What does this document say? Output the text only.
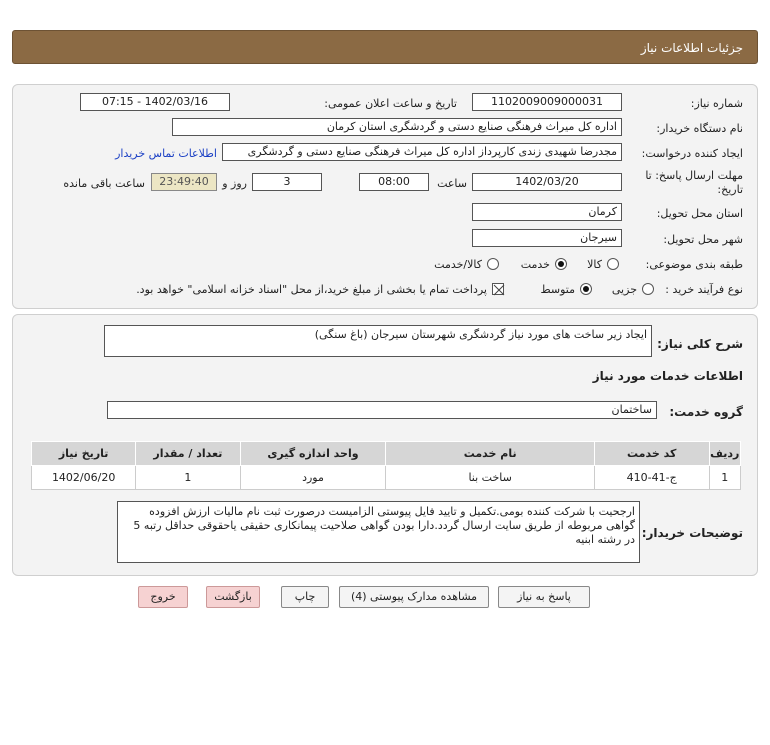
جزئیات اطلاعات نیاز
شماره نیاز:
1102009009000031
تاریخ و ساعت اعلان عمومی:
1402/03/16 - 07:15
نام دستگاه خریدار:
اداره کل میراث فرهنگی صنایع دستی و گردشگری استان کرمان
ایجاد کننده درخواست:
مجدرضا شهیدی زندی کارپرداز اداره کل میراث فرهنگی صنایع دستی و گردشگری
اطلاعات تماس خریدار
مهلت ارسال پاسخ: تا
تاریخ:
1402/03/20
ساعت
08:00
3
روز و
23:49:40
ساعت باقی مانده
استان محل تحویل:
کرمان
شهر محل تحویل:
سیرجان
طبقه بندی موضوعی:
کالا
خدمت
کالا/خدمت
نوع فرآیند خرید :
جزیی
متوسط
پرداخت تمام یا بخشی از مبلغ خرید،از محل "اسناد خزانه اسلامی" خواهد بود.
شرح کلی نیاز:
ایجاد زیر ساخت های مورد نیاز گردشگری شهرستان سیرجان (باغ سنگی)
اطلاعات خدمات مورد نیاز
گروه خدمت:
ساختمان
ردیف	کد خدمت	نام خدمت	واحد اندازه گیری	تعداد / مقدار	تاریخ نیاز
1	ج-41-410	ساخت بنا	مورد	1	1402/06/20
توضیحات خریدار:
ارجحیت با شرکت کننده بومی.تکمیل و تایید فایل پیوستی الزامیست درصورت ثبت نام مالیات ارزش افزوده گواهی مربوطه از طریق سایت ارسال گردد.دارا بودن گواهی صلاحیت پیمانکاری حقیقی یاحقوقی حداقل رتبه 5 در رشته ابنیه
پاسخ به نیاز
مشاهده مدارک پیوستی (4)
چاپ
بازگشت
خروج
